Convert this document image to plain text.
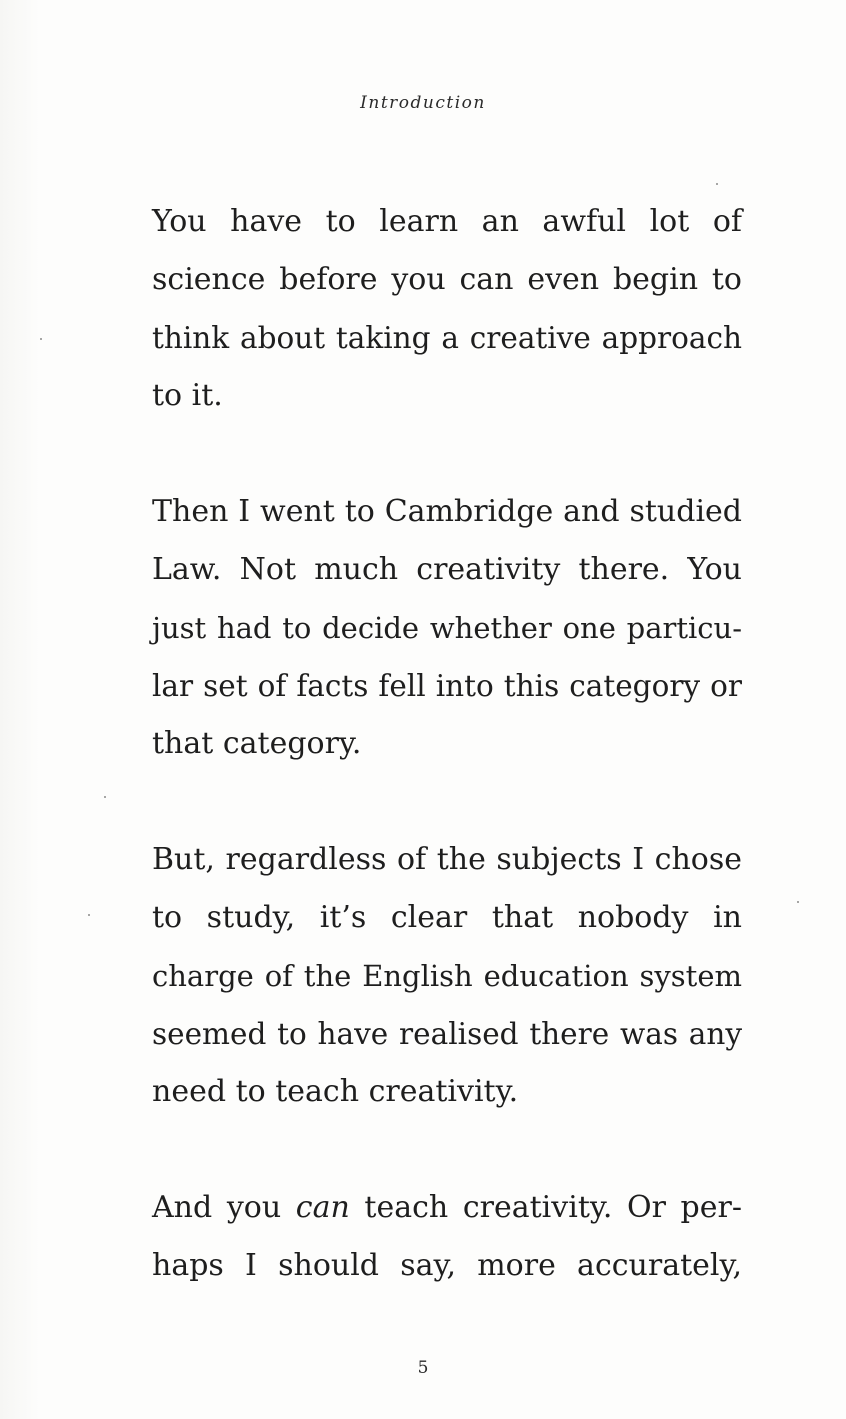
Introduction
You have to learn an awful lot of
science before you can even begin to
think about taking a creative approach
to it.
Then I went to Cambridge and studied
Law. Not much creativity there. You
just had to decide whether one particu-
lar set of facts fell into this category or
that category.
But, regardless of the subjects I chose
to study, it’s clear that nobody in
charge of the English education system
seemed to have realised there was any
need to teach creativity.
And you can teach creativity. Or per-
haps I should say, more accurately,
5
